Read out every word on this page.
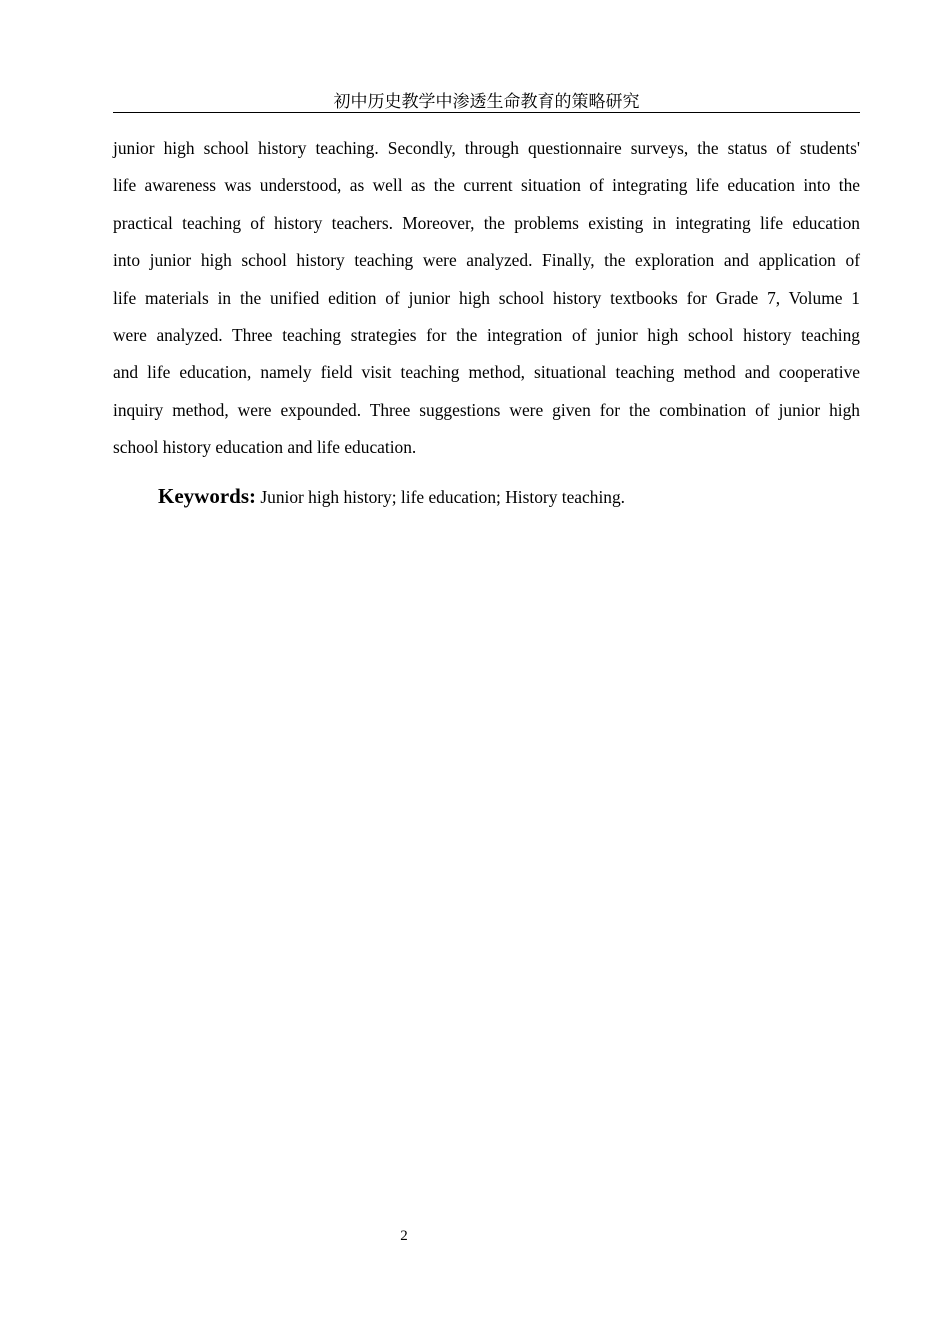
初中历史教学中渗透生命教育的策略研究
junior high school history teaching. Secondly, through questionnaire surveys, the status of students'
life awareness was understood, as well as the current situation of integrating life education into the
practical teaching of history teachers. Moreover, the problems existing in integrating life education
into junior high school history teaching were analyzed. Finally, the exploration and application of
life materials in the unified edition of junior high school history textbooks for Grade 7, Volume 1
were analyzed. Three teaching strategies for the integration of junior high school history teaching
and life education, namely field visit teaching method, situational teaching method and cooperative
inquiry method, were expounded. Three suggestions were given for the combination of junior high
school history education and life education.
Keywords: Junior high history; life education; History teaching.
2
